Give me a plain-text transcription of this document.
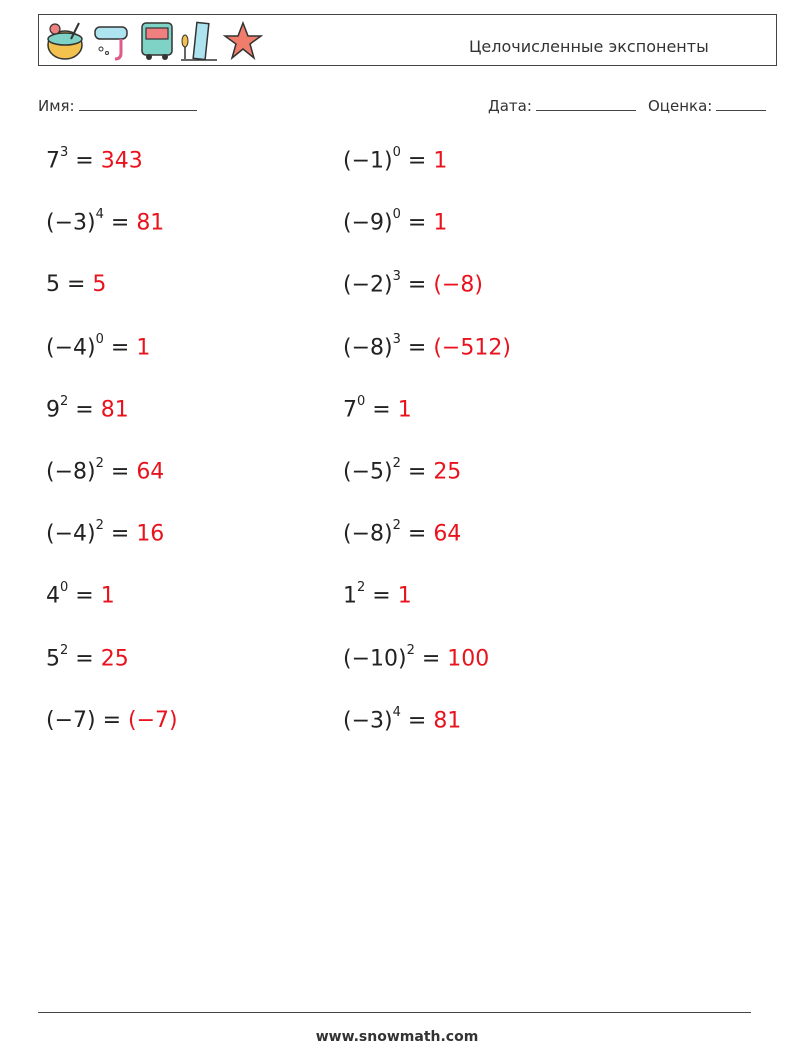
Целочисленные экспоненты
Имя:	Дата:	Оценка:
$7^3 = 343$
$(-3)^4 = 81$
5 = 5
$(-4)^0 = 1$
$9^2 = 81$
$(-8)^2 = 64$
$(-4)^2 = 16$
$4^0 = 1$
$5^2 = 25$
(−7) = (−7)
$(-1)^0 = 1$
$(-9)^0 = 1$
$(-2)^3 = (-8)$
$(-8)^3 = (-512)$
$7^0 = 1$
$(-5)^2 = 25$
$(-8)^2 = 64$
$1^2 = 1$
$(-10)^2 = 100$
$(-3)^4 = 81$
www.snowmath.com
